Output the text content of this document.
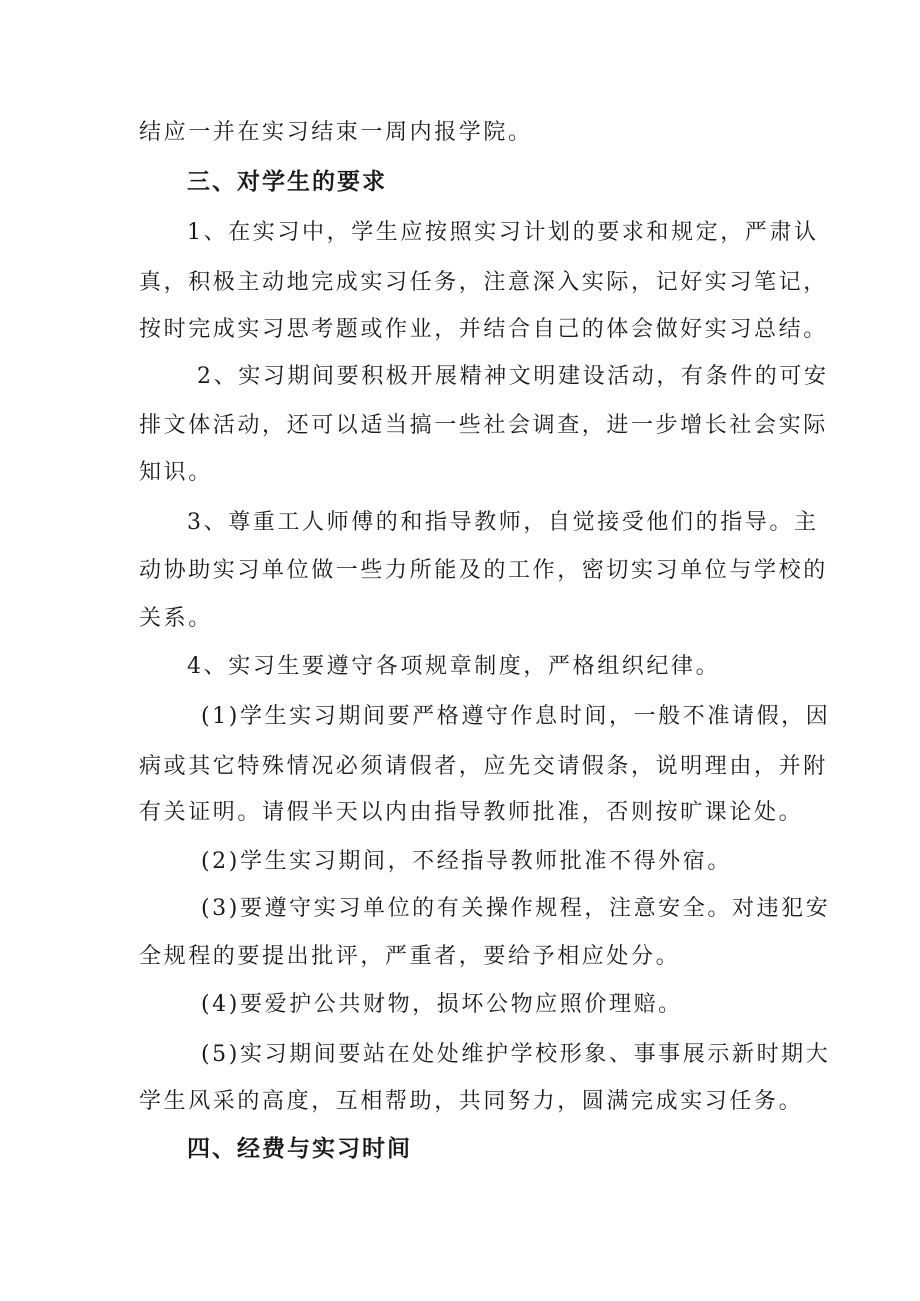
结应一并在实习结束一周内报学院。
三、对学生的要求
1、在实习中，学生应按照实习计划的要求和规定，严肃认
真，积极主动地完成实习任务，注意深入实际，记好实习笔记，
按时完成实习思考题或作业，并结合自己的体会做好实习总结。
2、实习期间要积极开展精神文明建设活动，有条件的可安
排文体活动，还可以适当搞一些社会调查，进一步增长社会实际
知识。
3、尊重工人师傅的和指导教师，自觉接受他们的指导。主
动协助实习单位做一些力所能及的工作，密切实习单位与学校的
关系。
4、实习生要遵守各项规章制度，严格组织纪律。
(1)学生实习期间要严格遵守作息时间，一般不准请假，因
病或其它特殊情况必须请假者，应先交请假条，说明理由，并附
有关证明。请假半天以内由指导教师批准，否则按旷课论处。
(2)学生实习期间，不经指导教师批准不得外宿。
(3)要遵守实习单位的有关操作规程，注意安全。对违犯安
全规程的要提出批评，严重者，要给予相应处分。
(4)要爱护公共财物，损坏公物应照价理赔。
(5)实习期间要站在处处维护学校形象、事事展示新时期大
学生风采的高度，互相帮助，共同努力，圆满完成实习任务。
四、经费与实习时间
